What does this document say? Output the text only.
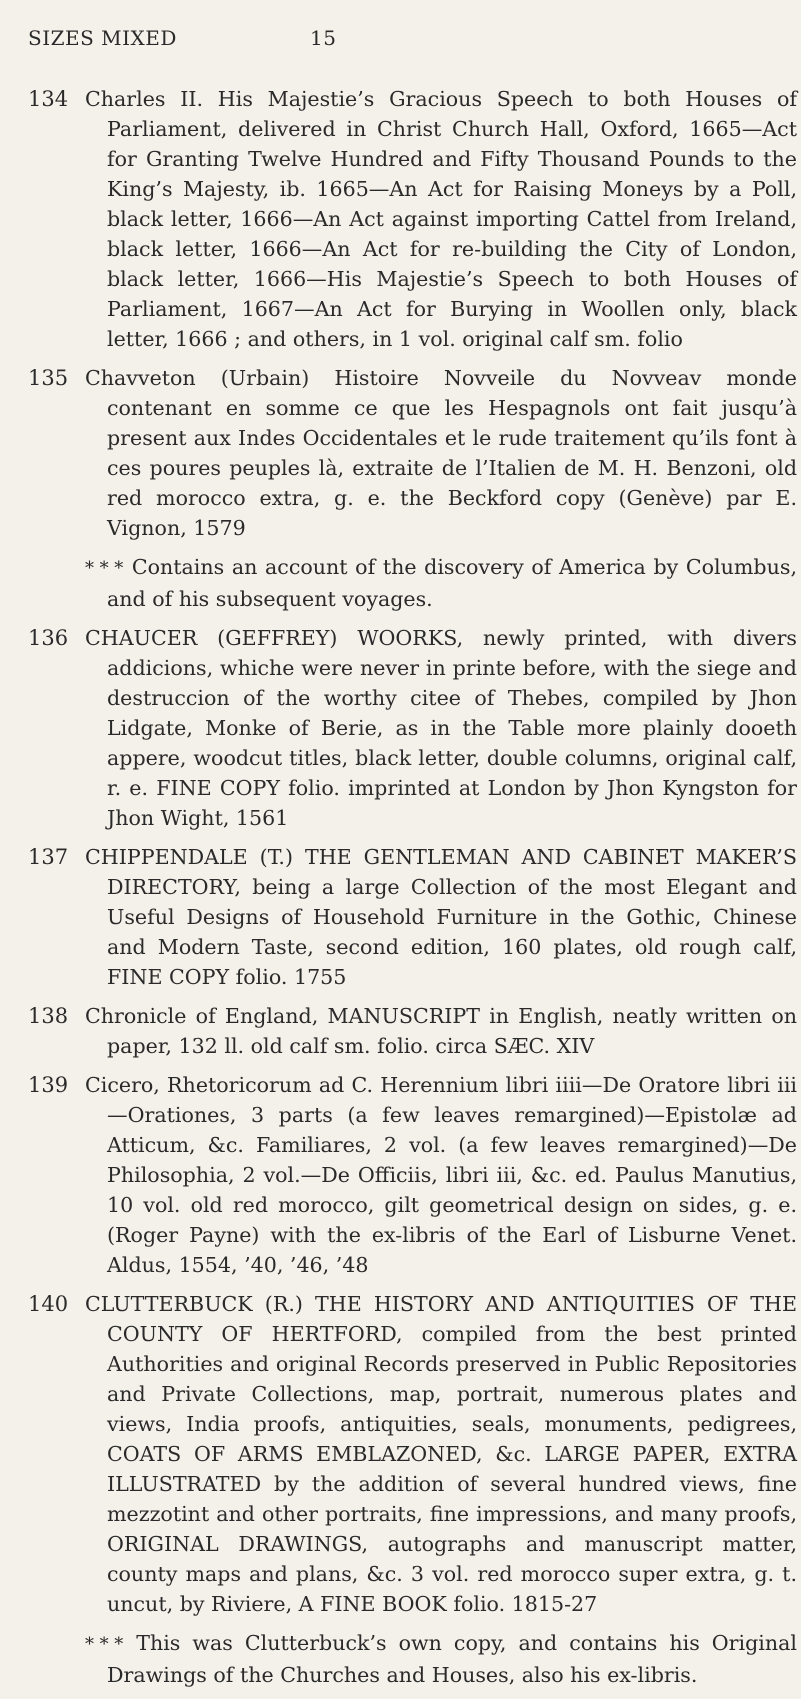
SIZES MIXED	15
134 Charles II. His Majestie’s Gracious Speech to both Houses of Parliament, delivered in Christ Church Hall, Oxford, 1665—Act for Granting Twelve Hundred and Fifty Thousand Pounds to the King’s Majesty, ib. 1665—An Act for Raising Moneys by a Poll, black letter, 1666—An Act against importing Cattel from Ireland, black letter, 1666—An Act for re-building the City of London, black letter, 1666—His Majestie’s Speech to both Houses of Parliament, 1667—An Act for Burying in Woollen only, black letter, 1666 ; and others, in 1 vol. original calf sm. folio
135 Chavveton (Urbain) Histoire Novveile du Novveav monde contenant en somme ce que les Hespagnols ont fait jusqu’à present aux Indes Occidentales et le rude traitement qu’ils font à ces poures peuples là, extraite de l’Italien de M. H. Benzoni, old red morocco extra, g. e. the Beckford copy (Genève) par E. Vignon, 1579
* * * Contains an account of the discovery of America by Columbus, and of his subsequent voyages.
136 CHAUCER (GEFFREY) WOORKS, newly printed, with divers addicions, whiche were never in printe before, with the siege and destruccion of the worthy citee of Thebes, compiled by Jhon Lidgate, Monke of Berie, as in the Table more plainly dooeth appere, woodcut titles, black letter, double columns, original calf, r. e. FINE COPY folio. imprinted at London by Jhon Kyngston for Jhon Wight, 1561
137 CHIPPENDALE (T.) THE GENTLEMAN AND CABINET MAKER’S DIRECTORY, being a large Collection of the most Elegant and Useful Designs of Household Furniture in the Gothic, Chinese and Modern Taste, second edition, 160 plates, old rough calf, FINE COPY folio. 1755
138 Chronicle of England, MANUSCRIPT in English, neatly written on paper, 132 ll. old calf sm. folio. circa SÆC. XIV
139 Cicero, Rhetoricorum ad C. Herennium libri iiii—De Oratore libri iii—Orationes, 3 parts (a few leaves remargined)—Epistolæ ad Atticum, &c. Familiares, 2 vol. (a few leaves remargined)—De Philosophia, 2 vol.—De Officiis, libri iii, &c. ed. Paulus Manutius, 10 vol. old red morocco, gilt geometrical design on sides, g. e. (Roger Payne) with the ex-libris of the Earl of Lisburne Venet. Aldus, 1554, ’40, ’46, ’48
140 CLUTTERBUCK (R.) THE HISTORY AND ANTIQUITIES OF THE COUNTY OF HERTFORD, compiled from the best printed Authorities and original Records preserved in Public Repositories and Private Collections, map, portrait, numerous plates and views, India proofs, antiquities, seals, monuments, pedigrees, COATS OF ARMS EMBLAZONED, &c. LARGE PAPER, EXTRA ILLUSTRATED by the addition of several hundred views, fine mezzotint and other portraits, fine impressions, and many proofs, ORIGINAL DRAWINGS, autographs and manuscript matter, county maps and plans, &c. 3 vol. red morocco super extra, g. t. uncut, by Riviere, A FINE BOOK folio. 1815-27
* * * This was Clutterbuck’s own copy, and contains his Original Drawings of the Churches and Houses, also his ex-libris.
